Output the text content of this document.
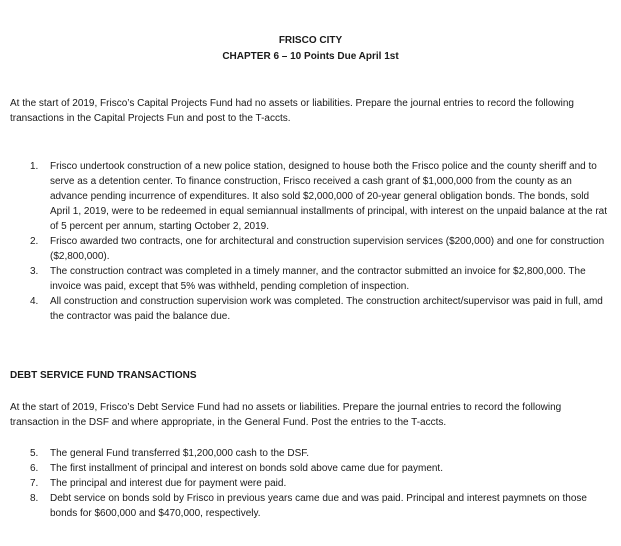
FRISCO CITY
CHAPTER 6 – 10 Points Due April 1st
At the start of 2019, Frisco’s Capital Projects Fund had no assets or liabilities. Prepare the journal entries to record the following transactions in the Capital Projects Fun and post to the T-accts.
1. Frisco undertook construction of a new police station, designed to house both the Frisco police and the county sheriff and to serve as a detention center. To finance construction, Frisco received a cash grant of $1,000,000 from the county as an advance pending incurrence of expenditures. It also sold $2,000,000 of 20-year general obligation bonds. The bonds, sold April 1, 2019, were to be redeemed in equal semiannual installments of principal, with interest on the unpaid balance at the rat of 5 percent per annum, starting October 2, 2019.
2. Frisco awarded two contracts, one for architectural and construction supervision services ($200,000) and one for construction ($2,800,000).
3. The construction contract was completed in a timely manner, and the contractor submitted an invoice for $2,800,000. The invoice was paid, except that 5% was withheld, pending completion of inspection.
4. All construction and construction supervision work was completed. The construction architect/supervisor was paid in full, amd the contractor was paid the balance due.
DEBT SERVICE FUND TRANSACTIONS
At the start of 2019, Frisco’s Debt Service Fund had no assets or liabilities. Prepare the journal entries to record the following transaction in the DSF and where appropriate, in the General Fund. Post the entries to the T-accts.
5. The general Fund transferred $1,200,000 cash to the DSF.
6. The first installment of principal and interest on bonds sold above came due for payment.
7. The principal and interest due for payment were paid.
8. Debt service on bonds sold by Frisco in previous years came due and was paid. Principal and interest paymnets on those bonds for $600,000 and $470,000, respectively.
